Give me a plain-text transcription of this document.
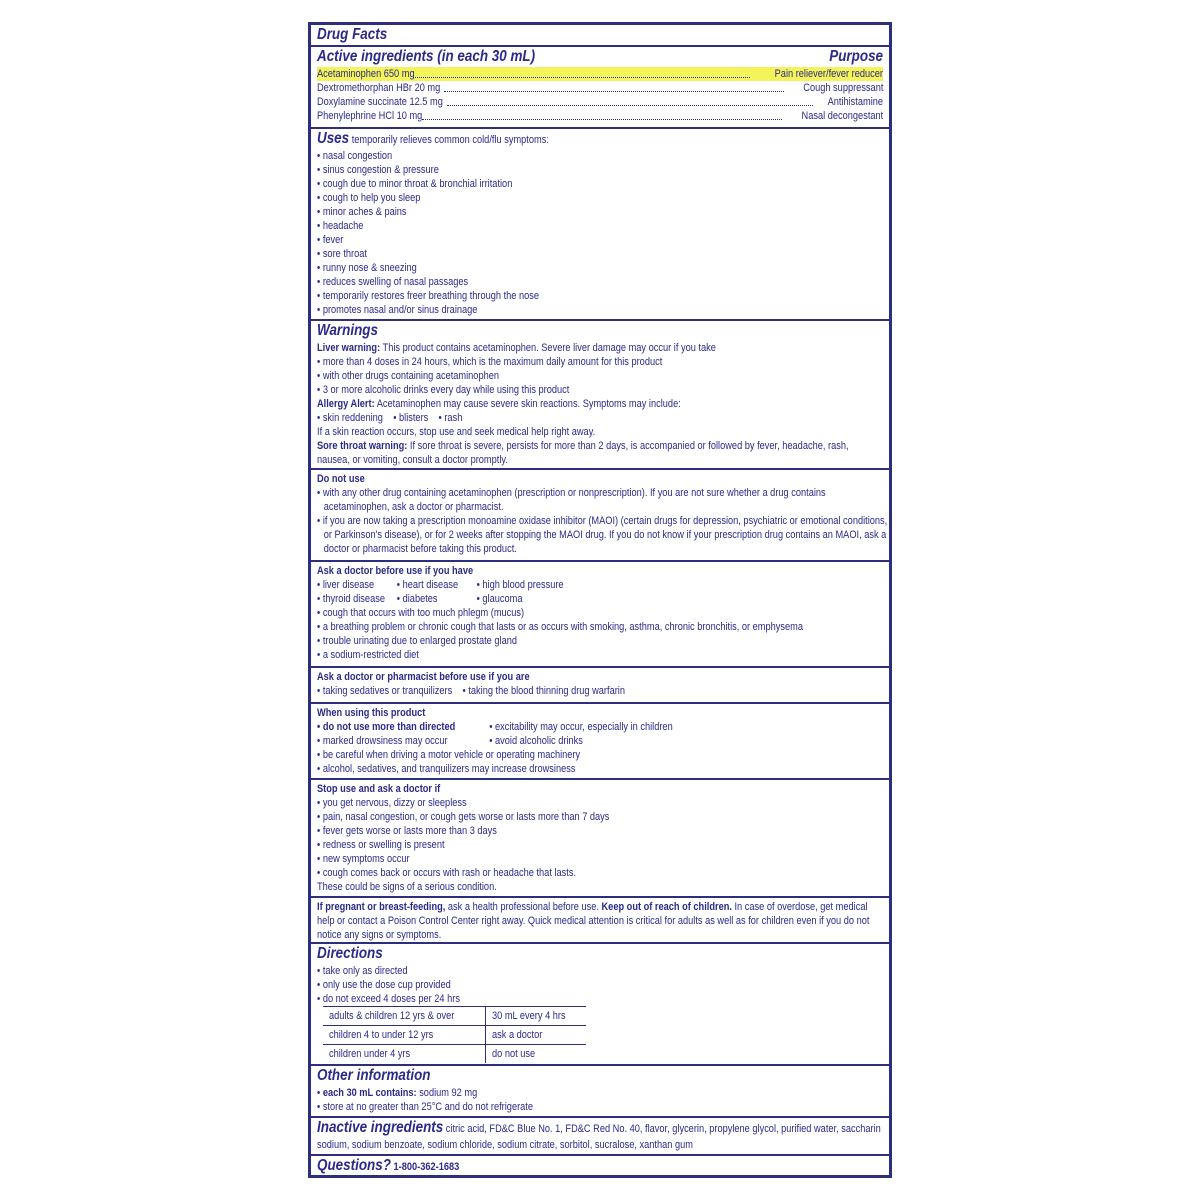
Drug Facts
Active ingredients (in each 30 mL)	Purpose
Acetaminophen 650 mg	Pain reliever/fever reducer
Dextromethorphan HBr 20 mg	Cough suppressant
Doxylamine succinate 12.5 mg	Antihistamine
Phenylephrine HCl 10 mg	Nasal decongestant
Uses temporarily relieves common cold/flu symptoms:
• nasal congestion
• sinus congestion & pressure
• cough due to minor throat & bronchial irritation
• cough to help you sleep
• minor aches & pains
• headache
• fever
• sore throat
• runny nose & sneezing
• reduces swelling of nasal passages
• temporarily restores freer breathing through the nose
• promotes nasal and/or sinus drainage
Warnings
Liver warning: This product contains acetaminophen. Severe liver damage may occur if you take
• more than 4 doses in 24 hours, which is the maximum daily amount for this product
• with other drugs containing acetaminophen
• 3 or more alcoholic drinks every day while using this product
Allergy Alert: Acetaminophen may cause severe skin reactions. Symptoms may include:
• skin reddening    • blisters    • rash
If a skin reaction occurs, stop use and seek medical help right away.
Sore throat warning: If sore throat is severe, persists for more than 2 days, is accompanied or followed by fever, headache, rash, nausea, or vomiting, consult a doctor promptly.
Do not use
• with any other drug containing acetaminophen (prescription or nonprescription). If you are not sure whether a drug contains acetaminophen, ask a doctor or pharmacist.
• if you are now taking a prescription monoamine oxidase inhibitor (MAOI) (certain drugs for depression, psychiatric or emotional conditions, or Parkinson's disease), or for 2 weeks after stopping the MAOI drug. If you do not know if your prescription drug contains an MAOI, ask a doctor or pharmacist before taking this product.
Ask a doctor before use if you have
• liver disease	• heart disease	• high blood pressure
• thyroid disease	• diabetes	• glaucoma
• cough that occurs with too much phlegm (mucus)
• a breathing problem or chronic cough that lasts or as occurs with smoking, asthma, chronic bronchitis, or emphysema
• trouble urinating due to enlarged prostate gland
• a sodium-restricted diet
Ask a doctor or pharmacist before use if you are
• taking sedatives or tranquilizers    • taking the blood thinning drug warfarin
When using this product
• do not use more than directed	• excitability may occur, especially in children
• marked drowsiness may occur	• avoid alcoholic drinks
• be careful when driving a motor vehicle or operating machinery
• alcohol, sedatives, and tranquilizers may increase drowsiness
Stop use and ask a doctor if
• you get nervous, dizzy or sleepless
• pain, nasal congestion, or cough gets worse or lasts more than 7 days
• fever gets worse or lasts more than 3 days
• redness or swelling is present
• new symptoms occur
• cough comes back or occurs with rash or headache that lasts.
These could be signs of a serious condition.
If pregnant or breast-feeding, ask a health professional before use. Keep out of reach of children. In case of overdose, get medical help or contact a Poison Control Center right away. Quick medical attention is critical for adults as well as for children even if you do not notice any signs or symptoms.
Directions
• take only as directed
• only use the dose cup provided
• do not exceed 4 doses per 24 hrs
adults & children 12 yrs & over	30 mL every 4 hrs
children 4 to under 12 yrs	ask a doctor
children under 4 yrs	do not use
Other information
• each 30 mL contains: sodium 92 mg
• store at no greater than 25°C and do not refrigerate
Inactive ingredients citric acid, FD&C Blue No. 1, FD&C Red No. 40, flavor, glycerin, propylene glycol, purified water, saccharin sodium, sodium benzoate, sodium chloride, sodium citrate, sorbitol, sucralose, xanthan gum
Questions? 1-800-362-1683
